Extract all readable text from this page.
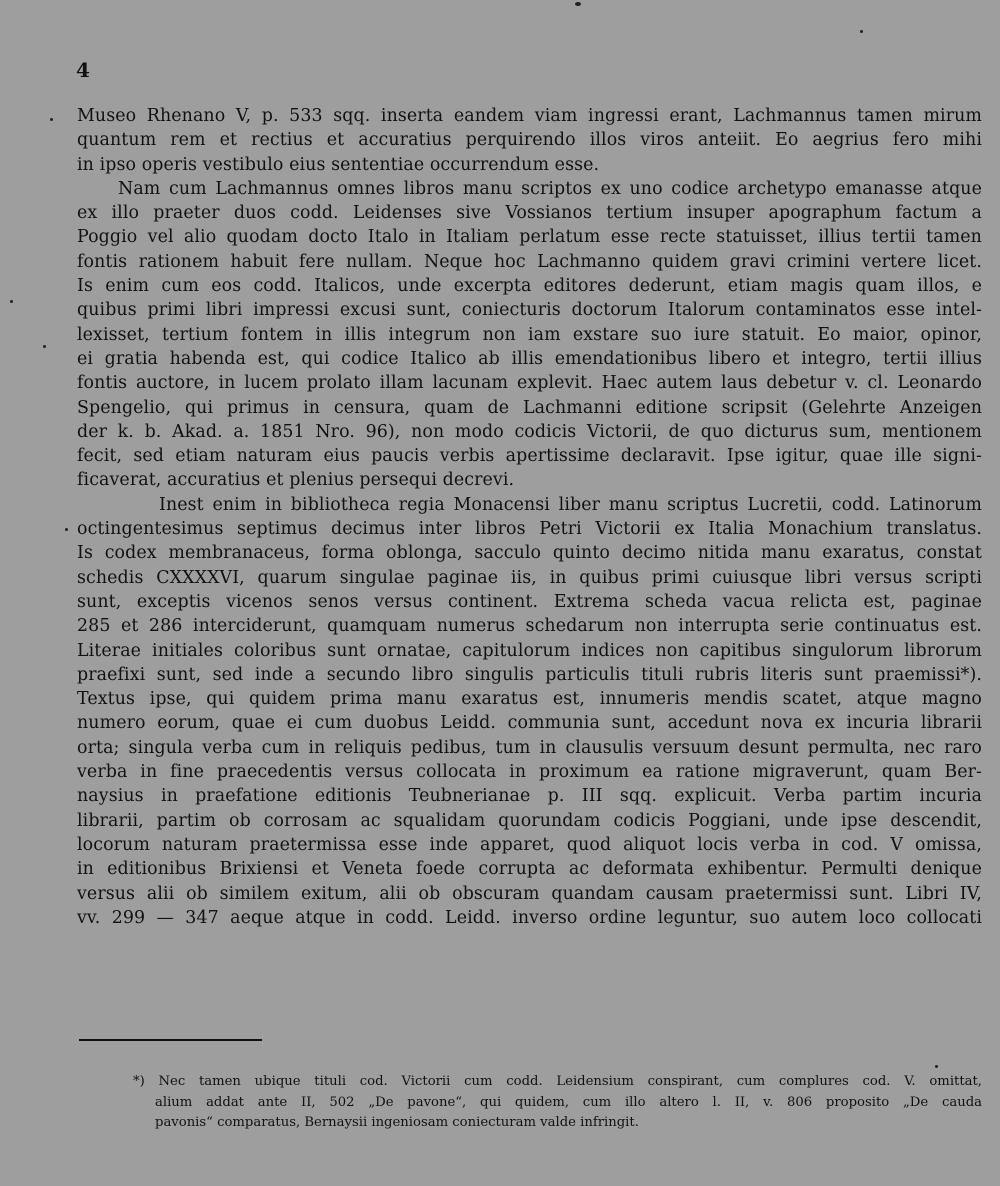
4
Museo Rhenano V, p. 533 sqq. inserta eandem viam ingressi erant, Lachmannus tamen mirum
quantum rem et rectius et accuratius perquirendo illos viros anteiit. Eo aegrius fero mihi
in ipso operis vestibulo eius sententiae occurrendum esse.
Nam cum Lachmannus omnes libros manu scriptos ex uno codice archetypo emanasse atque
ex illo praeter duos codd. Leidenses sive Vossianos tertium insuper apographum factum a
Poggio vel alio quodam docto Italo in Italiam perlatum esse recte statuisset, illius tertii tamen
fontis rationem habuit fere nullam. Neque hoc Lachmanno quidem gravi crimini vertere licet.
Is enim cum eos codd. Italicos, unde excerpta editores dederunt, etiam magis quam illos, e
quibus primi libri impressi excusi sunt, coniecturis doctorum Italorum contaminatos esse intel-
lexisset, tertium fontem in illis integrum non iam exstare suo iure statuit. Eo maior, opinor,
ei gratia habenda est, qui codice Italico ab illis emendationibus libero et integro, tertii illius
fontis auctore, in lucem prolato illam lacunam explevit. Haec autem laus debetur v. cl. Leonardo
Spengelio, qui primus in censura, quam de Lachmanni editione scripsit (Gelehrte Anzeigen
der k. b. Akad. a. 1851 Nro. 96), non modo codicis Victorii, de quo dicturus sum, mentionem
fecit, sed etiam naturam eius paucis verbis apertissime declaravit. Ipse igitur, quae ille signi-
ficaverat, accuratius et plenius persequi decrevi.
Inest enim in bibliotheca regia Monacensi liber manu scriptus Lucretii, codd. Latinorum
octingentesimus septimus decimus inter libros Petri Victorii ex Italia Monachium translatus.
Is codex membranaceus, forma oblonga, sacculo quinto decimo nitida manu exaratus, constat
schedis CXXXXVI, quarum singulae paginae iis, in quibus primi cuiusque libri versus scripti
sunt, exceptis vicenos senos versus continent. Extrema scheda vacua relicta est, paginae
285 et 286 interciderunt, quamquam numerus schedarum non interrupta serie continuatus est.
Literae initiales coloribus sunt ornatae, capitulorum indices non capitibus singulorum librorum
praefixi sunt, sed inde a secundo libro singulis particulis tituli rubris literis sunt praemissi*).
Textus ipse, qui quidem prima manu exaratus est, innumeris mendis scatet, atque magno
numero eorum, quae ei cum duobus Leidd. communia sunt, accedunt nova ex incuria librarii
orta; singula verba cum in reliquis pedibus, tum in clausulis versuum desunt permulta, nec raro
verba in fine praecedentis versus collocata in proximum ea ratione migraverunt, quam Ber-
naysius in praefatione editionis Teubnerianae p. III sqq. explicuit. Verba partim incuria
librarii, partim ob corrosam ac squalidam quorundam codicis Poggiani, unde ipse descendit,
locorum naturam praetermissa esse inde apparet, quod aliquot locis verba in cod. V omissa,
in editionibus Brixiensi et Veneta foede corrupta ac deformata exhibentur. Permulti denique
versus alii ob similem exitum, alii ob obscuram quandam causam praetermissi sunt. Libri IV,
vv. 299 — 347 aeque atque in codd. Leidd. inverso ordine leguntur, suo autem loco collocati
*) Nec tamen ubique tituli cod. Victorii cum codd. Leidensium conspirant, cum complures cod. V. omittat,
alium addat ante II, 502 „De pavone“, qui quidem, cum illo altero l. II, v. 806 proposito „De cauda
pavonis“ comparatus, Bernaysii ingeniosam coniecturam valde infringit.
